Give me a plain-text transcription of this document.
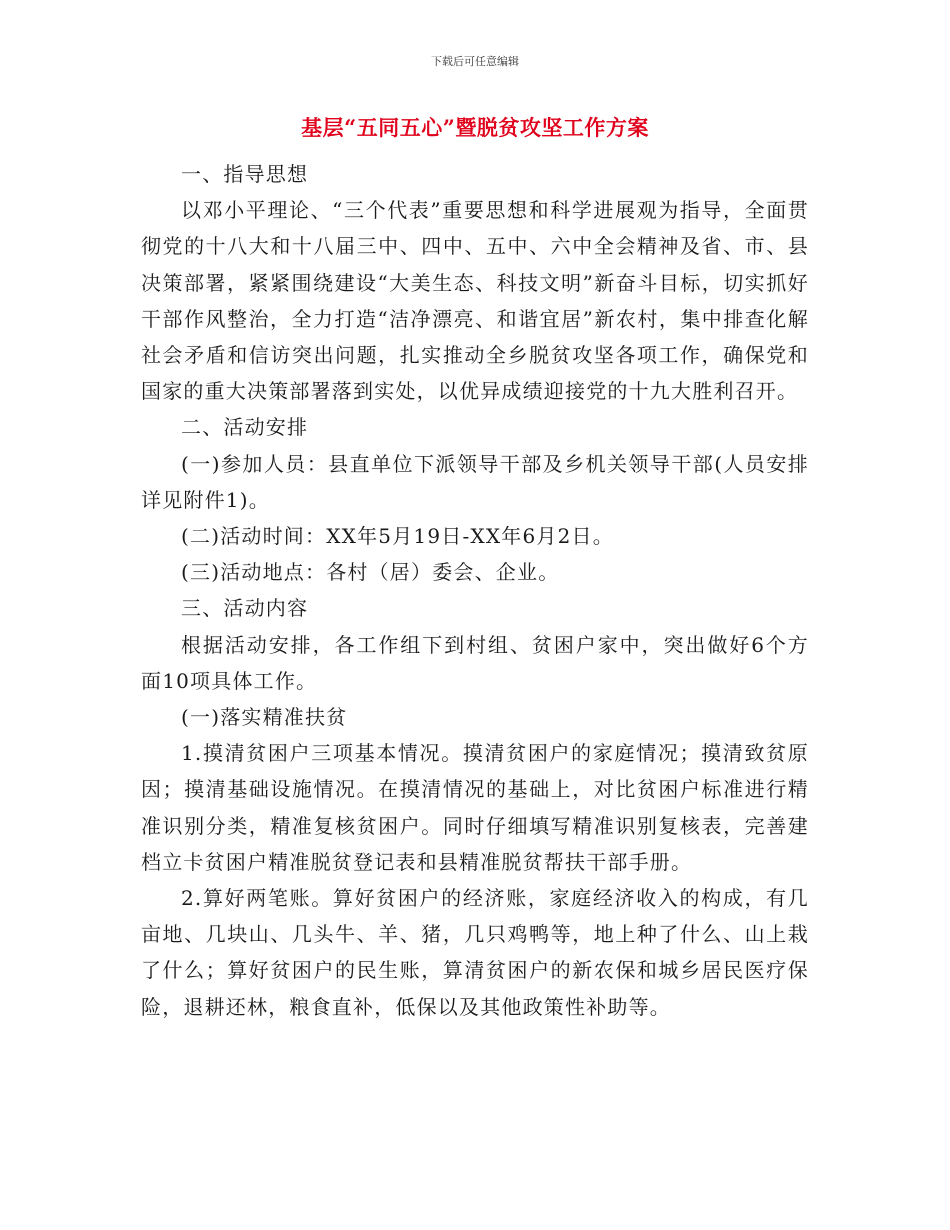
下载后可任意编辑
基层“五同五心”暨脱贫攻坚工作方案

一、指导思想

以邓小平理论、“三个代表”重要思想和科学进展观为指导，全面贯彻党的十八大和十八届三中、四中、五中、六中全会精神及省、市、县决策部署，紧紧围绕建设“大美生态、科技文明”新奋斗目标，切实抓好干部作风整治，全力打造“洁净漂亮、和谐宜居”新农村，集中排查化解社会矛盾和信访突出问题，扎实推动全乡脱贫攻坚各项工作，确保党和国家的重大决策部署落到实处，以优异成绩迎接党的十九大胜利召开。

二、活动安排

(一)参加人员：县直单位下派领导干部及乡机关领导干部(人员安排详见附件1)。

(二)活动时间：XX年5月19日-XX年6月2日。

(三)活动地点：各村（居）委会、企业。

三、活动内容

根据活动安排，各工作组下到村组、贫困户家中，突出做好6个方面10项具体工作。

(一)落实精准扶贫

1.摸清贫困户三项基本情况。摸清贫困户的家庭情况；摸清致贫原因；摸清基础设施情况。在摸清情况的基础上，对比贫困户标准进行精准识别分类，精准复核贫困户。同时仔细填写精准识别复核表，完善建档立卡贫困户精准脱贫登记表和县精准脱贫帮扶干部手册。

2.算好两笔账。算好贫困户的经济账，家庭经济收入的构成，有几亩地、几块山、几头牛、羊、猪，几只鸡鸭等，地上种了什么、山上栽了什么；算好贫困户的民生账，算清贫困户的新农保和城乡居民医疗保险，退耕还林，粮食直补，低保以及其他政策性补助等。
